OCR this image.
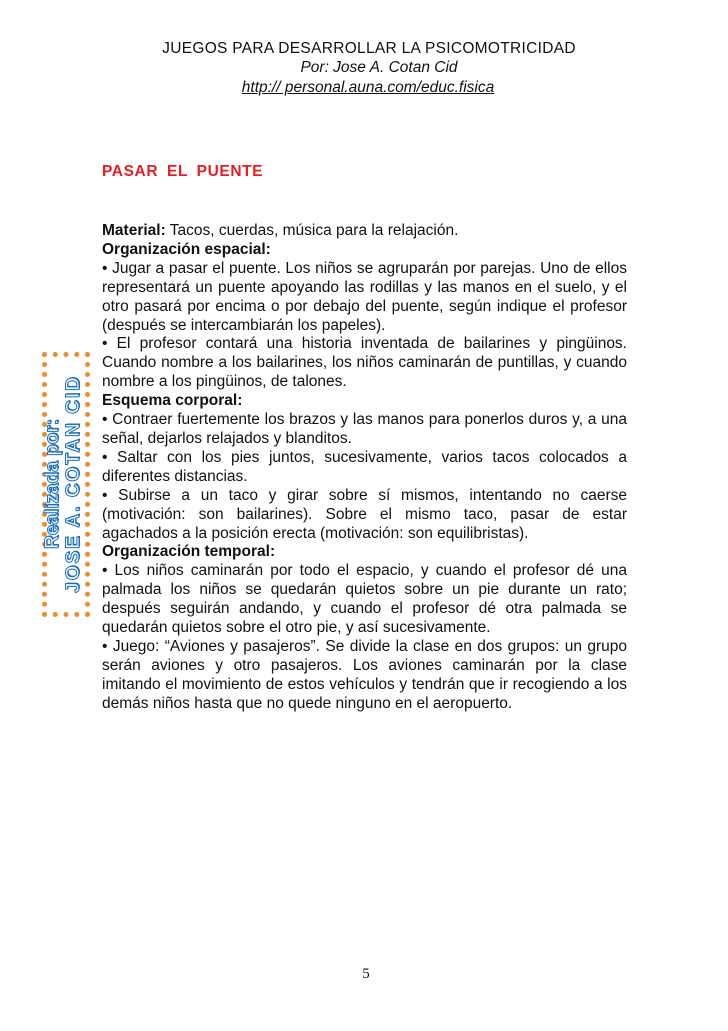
JUEGOS PARA DESARROLLAR LA PSICOMOTRICIDAD
Por: Jose A. Cotan Cid
http:// personal.auna.com/educ.fisica
PASAR EL PUENTE

Material: Tacos, cuerdas, música para la relajación.

Organización espacial:

• Jugar a pasar el puente. Los niños se agruparán por parejas. Uno de ellos representará un puente apoyando las rodillas y las manos en el suelo, y el otro pasará por encima o por debajo del puente, según indique el profesor (después se intercambiarán los papeles).

• El profesor contará una historia inventada de bailarines y pingüinos. Cuando nombre a los bailarines, los niños caminarán de puntillas, y cuando nombre a los pingüinos, de talones.

Esquema corporal:

• Contraer fuertemente los brazos y las manos para ponerlos duros y, a una señal, dejarlos relajados y blanditos.

• Saltar con los pies juntos, sucesivamente, varios tacos colocados a diferentes distancias.

• Subirse a un taco y girar sobre sí mismos, intentando no caerse (motivación: son bailarines). Sobre el mismo taco, pasar de estar agachados a la posición erecta (motivación: son equilibristas).

Organización temporal:

• Los niños caminarán por todo el espacio, y cuando el profesor dé una palmada los niños se quedarán quietos sobre un pie durante un rato; después seguirán andando, y cuando el profesor dé otra palmada se quedarán quietos sobre el otro pie, y así sucesivamente.

• Juego: “Aviones y pasajeros”. Se divide la clase en dos grupos: un grupo serán aviones y otro pasajeros. Los aviones caminarán por la clase imitando el movimiento de estos vehículos y tendrán que ir recogiendo a los demás niños hasta que no quede ninguno en el aeropuerto.

Realizada por: JOSE A. COTAN CID
5
